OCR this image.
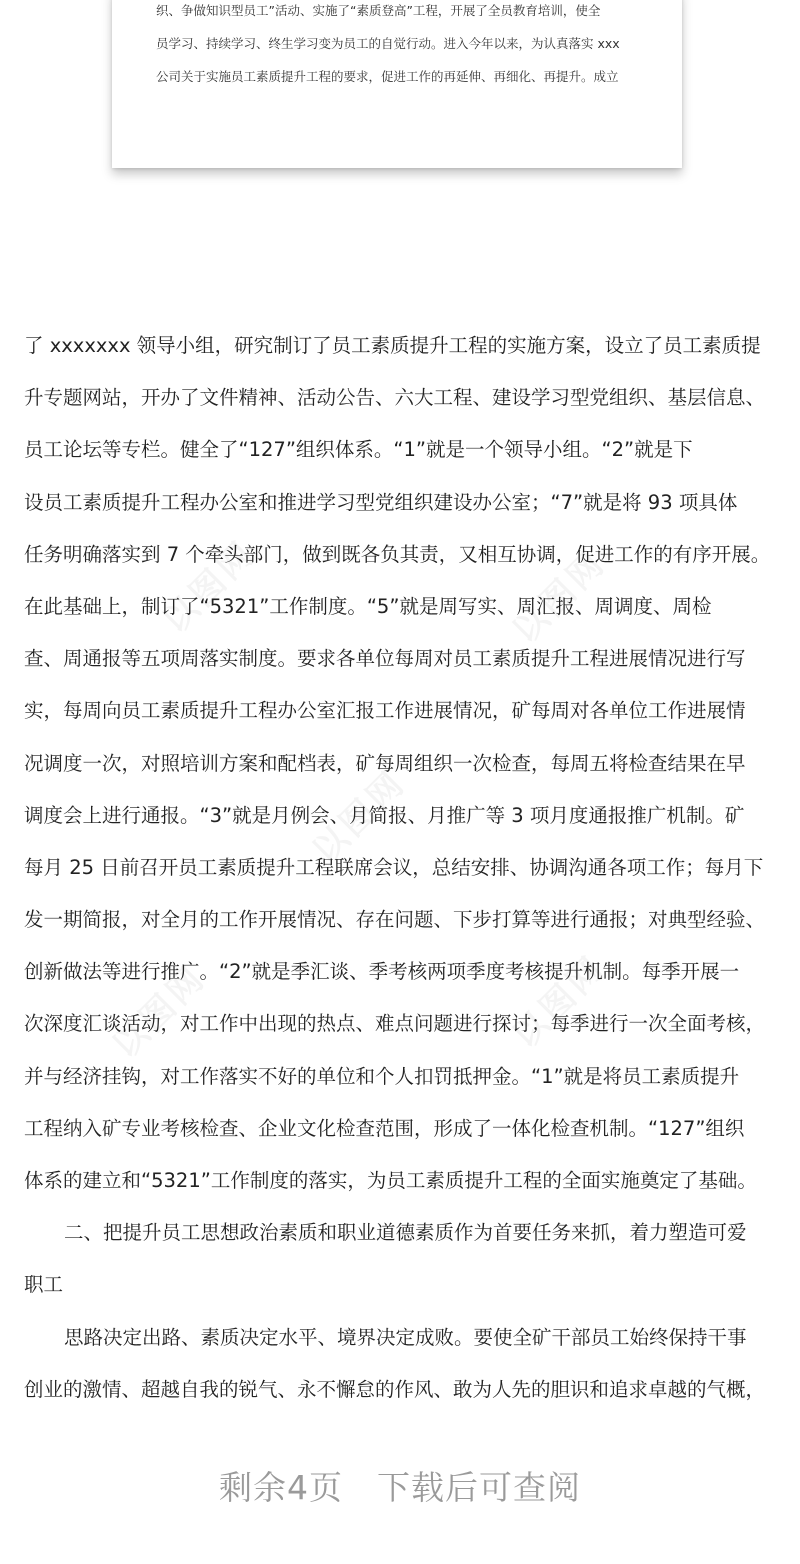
织、争做知识型员工”活动、实施了“素质登高”工程，开展了全员教育培训，使全
员学习、持续学习、终生学习变为员工的自觉行动。进入今年以来，为认真落实 xxx
公司关于实施员工素质提升工程的要求，促进工作的再延伸、再细化、再提升。成立
了 xxxxxxx 领导小组，研究制订了员工素质提升工程的实施方案，设立了员工素质提
升专题网站，开办了文件精神、活动公告、六大工程、建设学习型党组织、基层信息、
员工论坛等专栏。健全了“127”组织体系。“1”就是一个领导小组。“2”就是下
设员工素质提升工程办公室和推进学习型党组织建设办公室；“7”就是将 93 项具体
任务明确落实到 7 个牵头部门，做到既各负其责，又相互协调，促进工作的有序开展。
在此基础上，制订了“5321”工作制度。“5”就是周写实、周汇报、周调度、周检
查、周通报等五项周落实制度。要求各单位每周对员工素质提升工程进展情况进行写
实，每周向员工素质提升工程办公室汇报工作进展情况，矿每周对各单位工作进展情
况调度一次，对照培训方案和配档表，矿每周组织一次检查，每周五将检查结果在早
调度会上进行通报。“3”就是月例会、月简报、月推广等 3 项月度通报推广机制。矿
每月 25 日前召开员工素质提升工程联席会议，总结安排、协调沟通各项工作；每月下
发一期简报，对全月的工作开展情况、存在问题、下步打算等进行通报；对典型经验、
创新做法等进行推广。“2”就是季汇谈、季考核两项季度考核提升机制。每季开展一
次深度汇谈活动，对工作中出现的热点、难点问题进行探讨；每季进行一次全面考核，
并与经济挂钩，对工作落实不好的单位和个人扣罚抵押金。“1”就是将员工素质提升
工程纳入矿专业考核检查、企业文化检查范围，形成了一体化检查机制。“127”组织
体系的建立和“5321”工作制度的落实，为员工素质提升工程的全面实施奠定了基础。
二、把提升员工思想政治素质和职业道德素质作为首要任务来抓，着力塑造可爱
职工
思路决定出路、素质决定水平、境界决定成败。要使全矿干部员工始终保持干事
创业的激情、超越自我的锐气、永不懈怠的作风、敢为人先的胆识和追求卓越的气概，
剩余4页　下载后可查阅
